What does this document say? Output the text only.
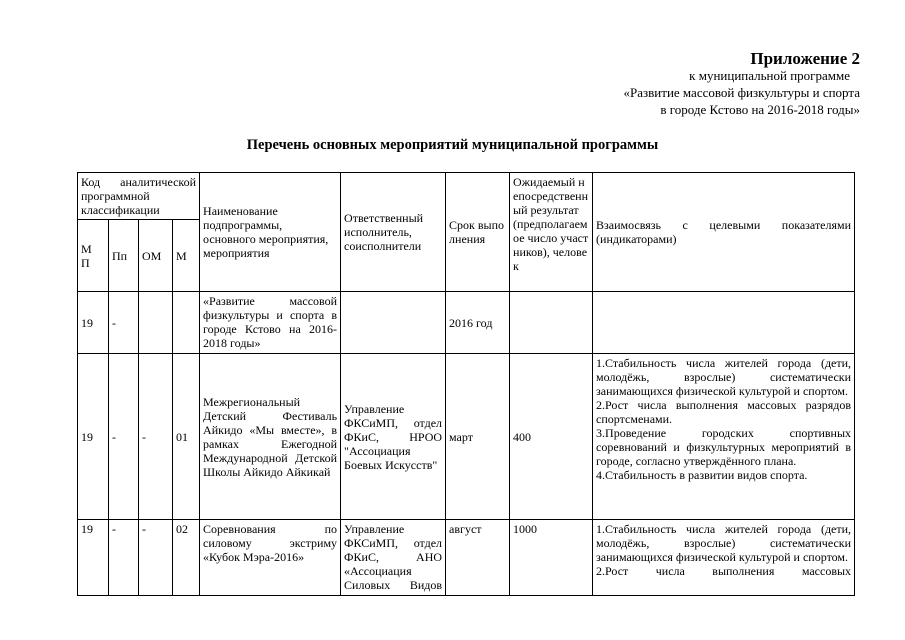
Приложение 2
к муниципальной программе
«Развитие массовой физкультуры и спорта
в городе Кстово на 2016-2018 годы»
Перечень основных мероприятий муниципальной программы
Код аналитической программной классификации				Наименование подпрограммы, основного мероприятия, мероприятия	Ответственный исполнитель, соисполнители	Срок выполнения	Ожидаемый непосредственный результат (предполагаемое число участников), человек	Взаимосвязь с целевыми показателями (индикаторами)

МП	Пп	ОМ	М					
19	-			«Развитие массовой физкультуры и спорта в городе Кстово на 2016-2018 годы»		2016 год		
19	-	-	01	Межрегиональный Детский Фестиваль Айкидо «Мы вместе», в рамках Ежегодной Международной Детской Школы Айкидо Айкикай	Управление ФКСиМП, отдел ФКиС, НРОО "Ассоциация Боевых Искусств"	март	400	1.Стабильность числа жителей города (дети, молодёжь, взрослые) систематически занимающихся физической культурой и спортом.
2.Рост числа выполнения массовых разрядов спортсменами.
3.Проведение городских спортивных соревнований и физкультурных мероприятий в городе, согласно утверждённого плана.
4.Стабильность в развитии видов спорта.

19	-	-	02	Соревнования по силовому экстриму «Кубок Мэра-2016»	Управление ФКСиМП, отдел ФКиС, АНО «Ассоциация Силовых Видов	август	1000	1.Стабильность числа жителей города (дети, молодёжь, взрослые) систематически занимающихся физической культурой и спортом.
2.Рост числа выполнения массовых
